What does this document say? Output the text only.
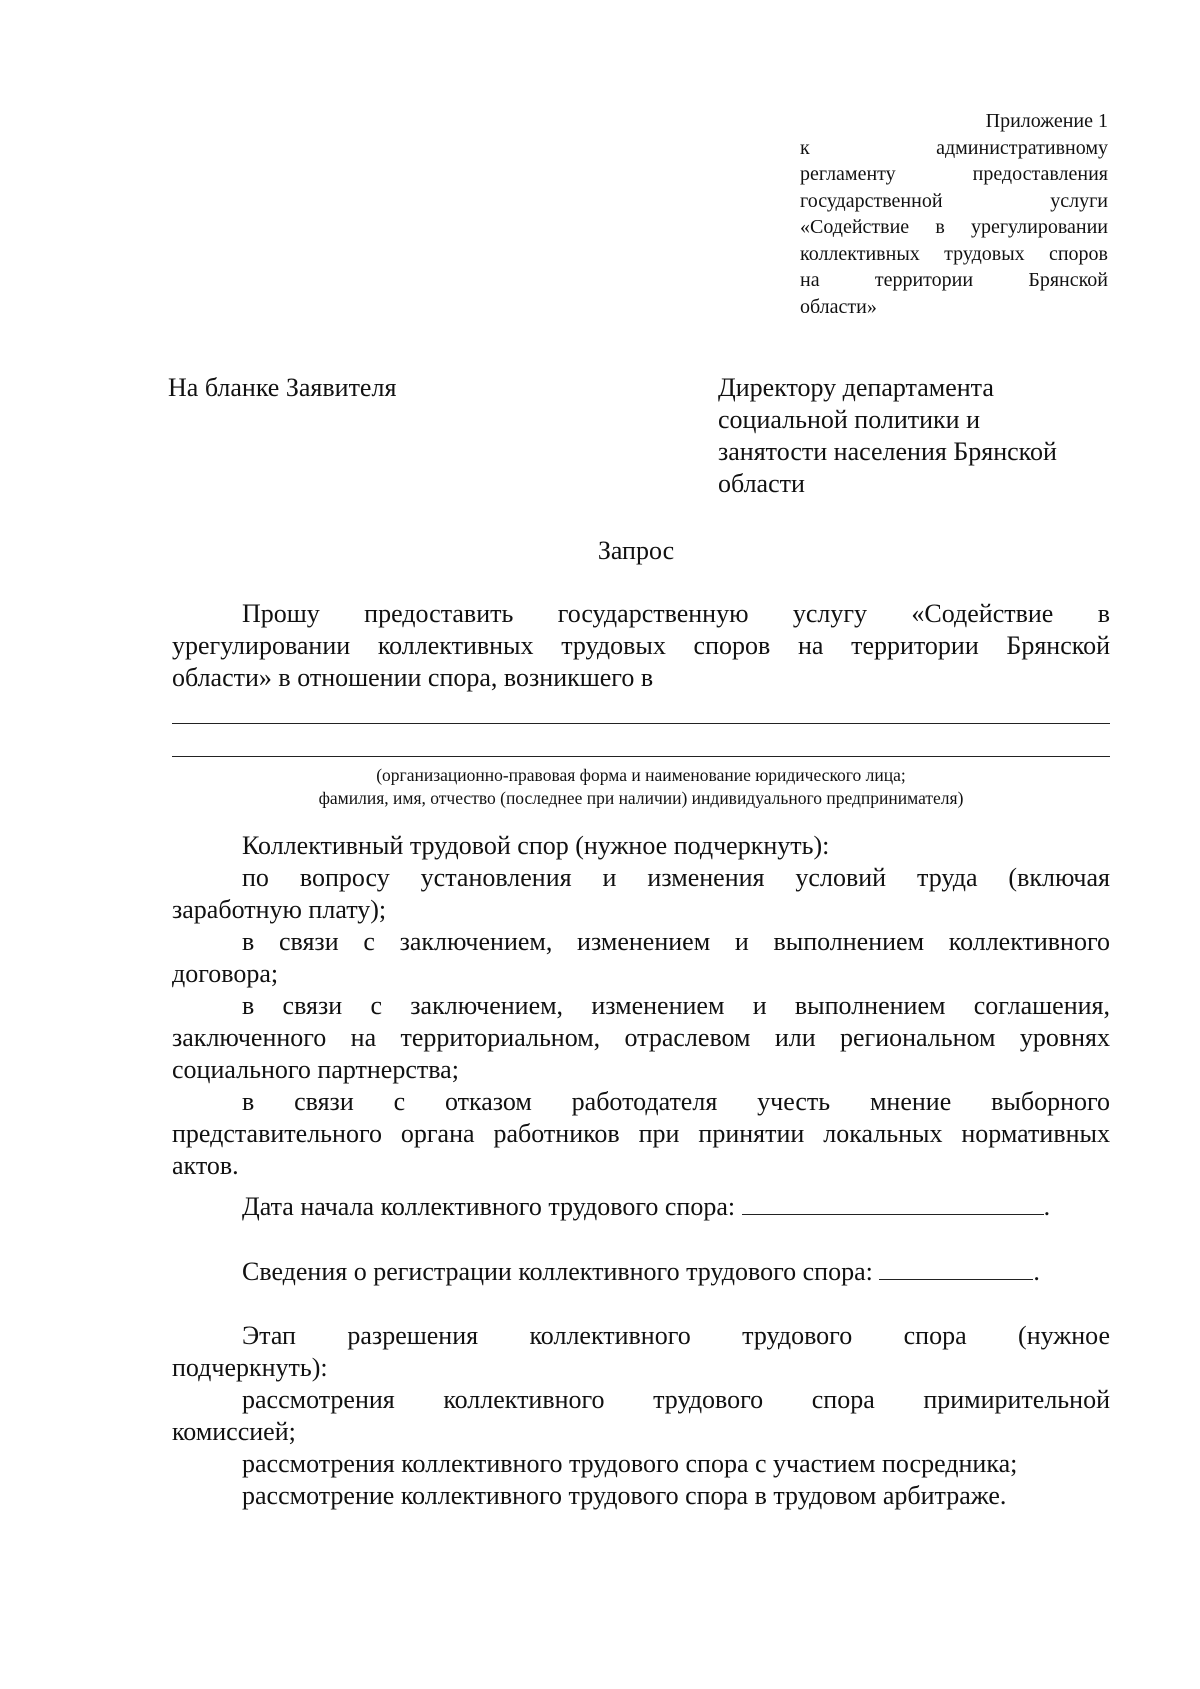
Приложение 1
к административному
регламенту предоставления
государственной услуги
«Содействие в урегулировании
коллективных трудовых споров
на территории Брянской
области»
На бланке Заявителя	Директору департамента
социальной политики и
занятости населения Брянской
области
Запрос
Прошу предоставить государственную услугу «Содействие в
урегулировании коллективных трудовых споров на территории Брянской
области» в отношении спора, возникшего в
(организационно-правовая форма и наименование юридического лица;
фамилия, имя, отчество (последнее при наличии) индивидуального предпринимателя)
Коллективный трудовой спор (нужное подчеркнуть):
по вопросу установления и изменения условий труда (включая
заработную плату);
в связи с заключением, изменением и выполнением коллективного
договора;
в связи с заключением, изменением и выполнением соглашения,
заключенного на территориальном, отраслевом или региональном уровнях
социального партнерства;
в связи с отказом работодателя учесть мнение выборного
представительного органа работников при принятии локальных нормативных
актов.
Дата начала коллективного трудового спора:	.
Сведения о регистрации коллективного трудового спора:	.
Этап разрешения коллективного трудового спора (нужное
подчеркнуть):
рассмотрения коллективного трудового спора примирительной
комиссией;
рассмотрения коллективного трудового спора с участием посредника;
рассмотрение коллективного трудового спора в трудовом арбитраже.
